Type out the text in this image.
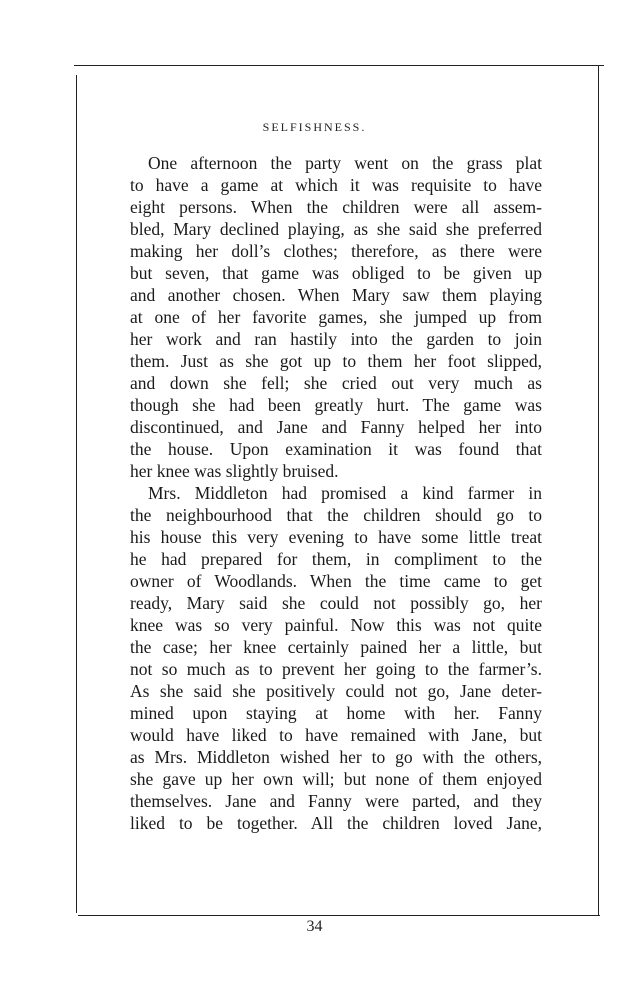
SELFISHNESS.
One afternoon the party went on the grass plat
to have a game at which it was requisite to have
eight persons. When the children were all assem-
bled, Mary declined playing, as she said she preferred
making her doll’s clothes; therefore, as there were
but seven, that game was obliged to be given up
and another chosen. When Mary saw them playing
at one of her favorite games, she jumped up from
her work and ran hastily into the garden to join
them. Just as she got up to them her foot slipped,
and down she fell; she cried out very much as
though she had been greatly hurt. The game was
discontinued, and Jane and Fanny helped her into
the house. Upon examination it was found that
her knee was slightly bruised.
Mrs. Middleton had promised a kind farmer in
the neighbourhood that the children should go to
his house this very evening to have some little treat
he had prepared for them, in compliment to the
owner of Woodlands. When the time came to get
ready, Mary said she could not possibly go, her
knee was so very painful. Now this was not quite
the case; her knee certainly pained her a little, but
not so much as to prevent her going to the farmer’s.
As she said she positively could not go, Jane deter-
mined upon staying at home with her. Fanny
would have liked to have remained with Jane, but
as Mrs. Middleton wished her to go with the others,
she gave up her own will; but none of them enjoyed
themselves. Jane and Fanny were parted, and they
liked to be together. All the children loved Jane,
34
